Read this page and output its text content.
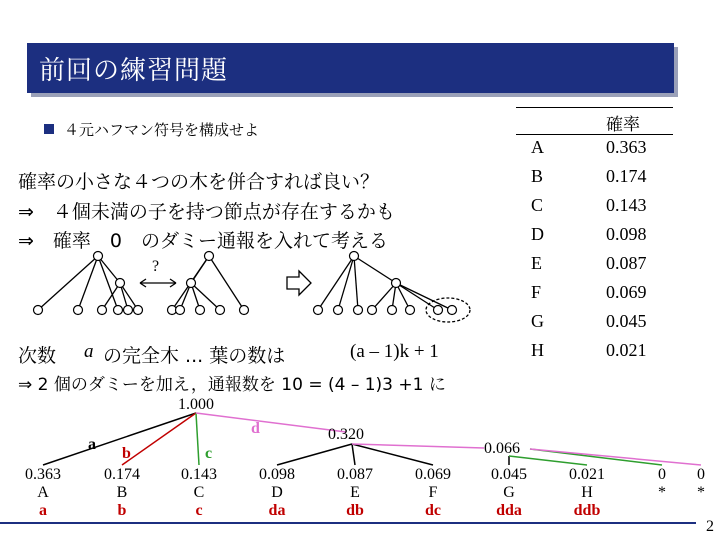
前回の練習問題
４元ハフマン符号を構成せよ
確率の小さな４つの木を併合すれば良い？
⇒　４個未満の子を持つ節点が存在するかも
⇒　確率　0　のダミー通報を入れて考える
確率
A	0.363
B	0.174
C	0.143
D	0.098
E	0.087
F	0.069
G	0.045
H	0.021
?
次数 a の完全木 ... 葉の数は	(a – 1)k + 1
⇒ 2 個のダミーを加え，通報数を 10 = (4 – 1)3 +1 に
1.000
0.320
0.066
a
b	c
d
0.363
A
a
0.174
B
b
0.143
C
c
0.098
D
da
0.087
E
db
0.069
F
dc
0.045
G
dda
0.021
H
ddb
0
*
0
*
2
